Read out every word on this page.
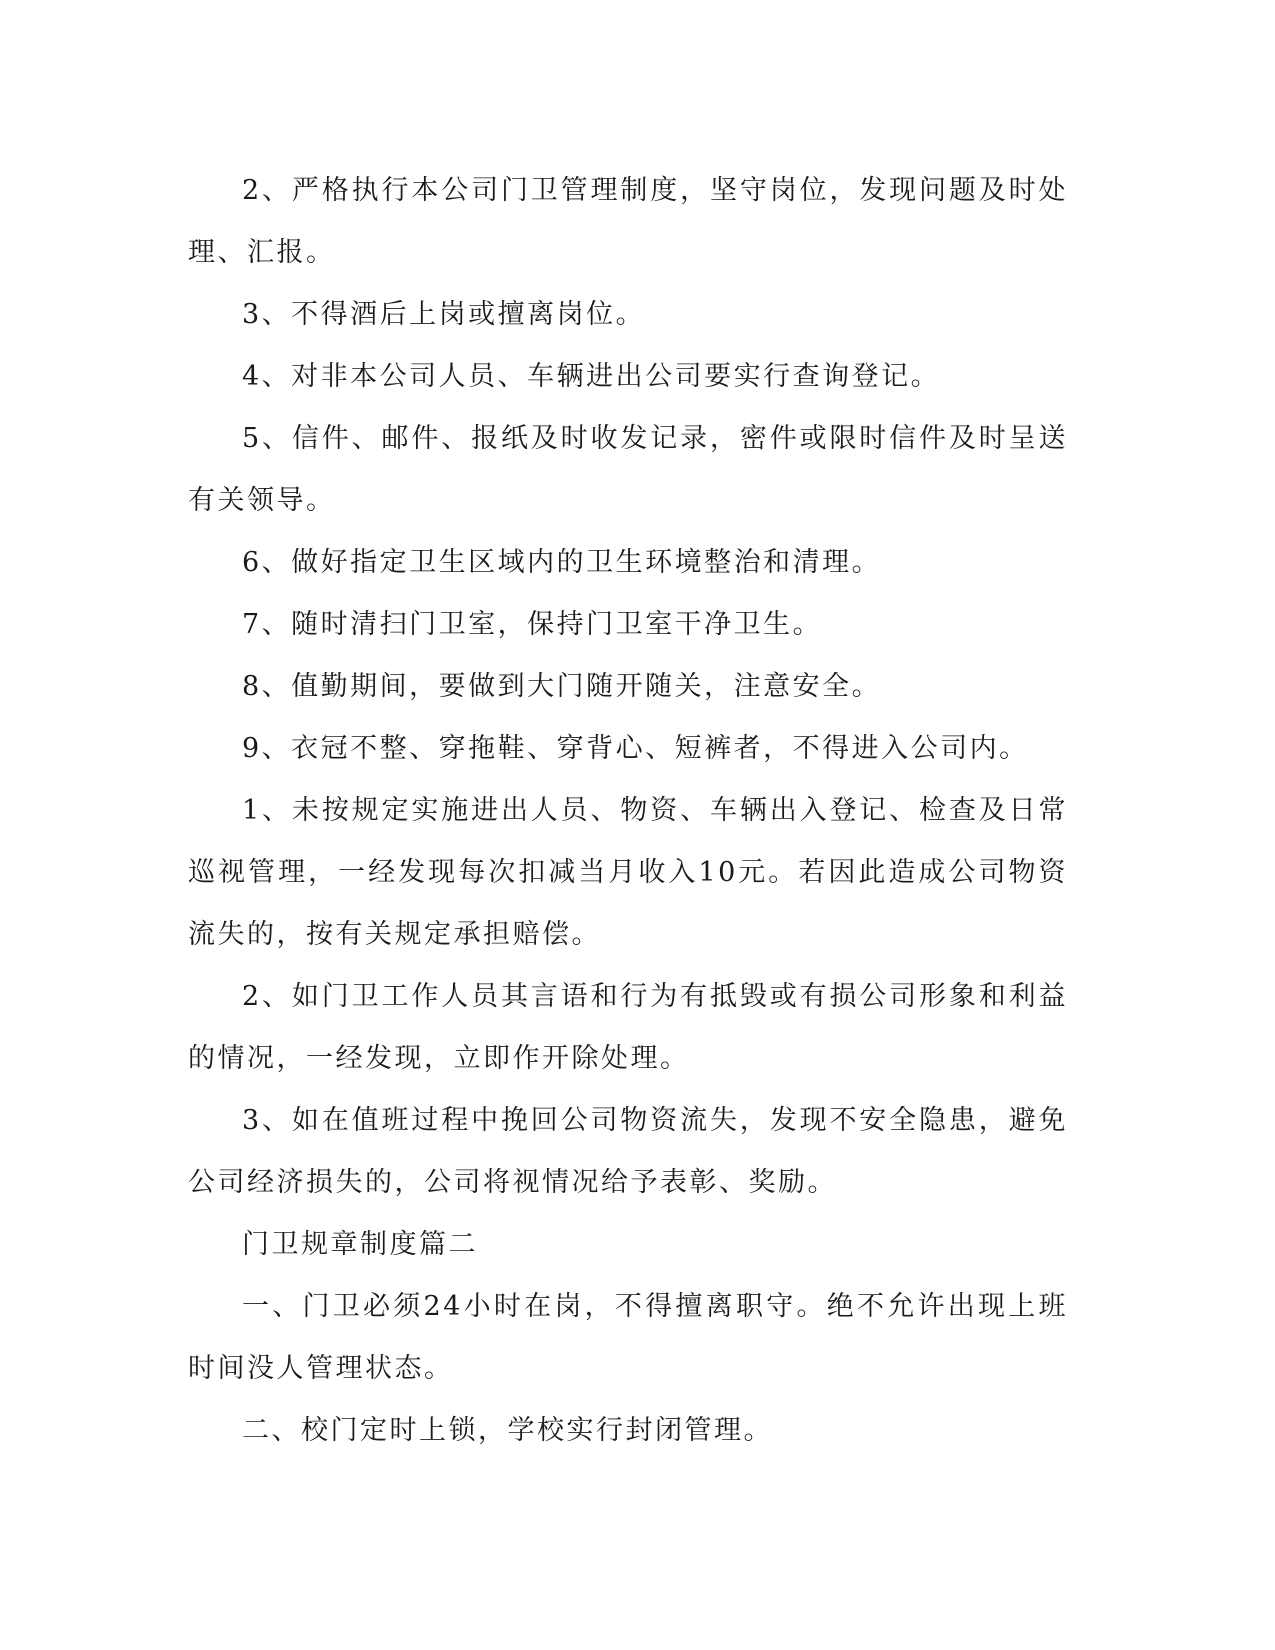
2、严格执行本公司门卫管理制度，坚守岗位，发现问题及时处理、汇报。

3、不得酒后上岗或擅离岗位。

4、对非本公司人员、车辆进出公司要实行查询登记。

5、信件、邮件、报纸及时收发记录，密件或限时信件及时呈送有关领导。

6、做好指定卫生区域内的卫生环境整治和清理。

7、随时清扫门卫室，保持门卫室干净卫生。

8、值勤期间，要做到大门随开随关，注意安全。

9、衣冠不整、穿拖鞋、穿背心、短裤者，不得进入公司内。

1、未按规定实施进出人员、物资、车辆出入登记、检查及日常巡视管理，一经发现每次扣减当月收入10元。若因此造成公司物资流失的，按有关规定承担赔偿。

2、如门卫工作人员其言语和行为有抵毁或有损公司形象和利益的情况，一经发现，立即作开除处理。

3、如在值班过程中挽回公司物资流失，发现不安全隐患，避免公司经济损失的，公司将视情况给予表彰、奖励。

门卫规章制度篇二

一、门卫必须24小时在岗，不得擅离职守。绝不允许出现上班时间没人管理状态。

二、校门定时上锁，学校实行封闭管理。
